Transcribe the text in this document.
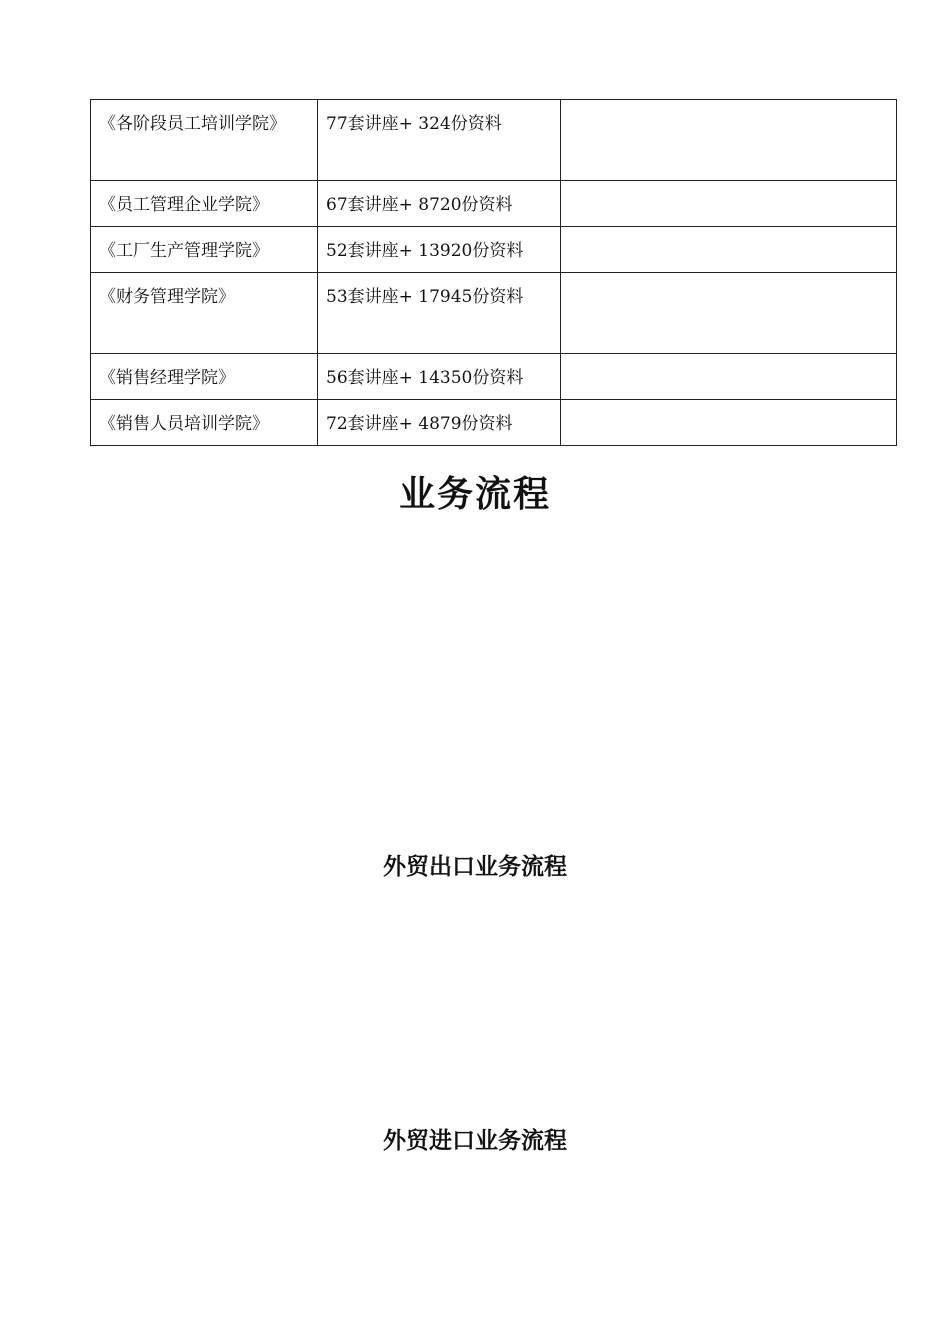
《各阶段员工培训学院》	77套讲座+ 324份资料	
《员工管理企业学院》	67套讲座+ 8720份资料	
《工厂生产管理学院》	52套讲座+ 13920份资料	
《财务管理学院》	53套讲座+ 17945份资料	
《销售经理学院》	56套讲座+ 14350份资料	
《销售人员培训学院》	72套讲座+ 4879份资料	
业务流程
外贸出口业务流程
外贸进口业务流程
